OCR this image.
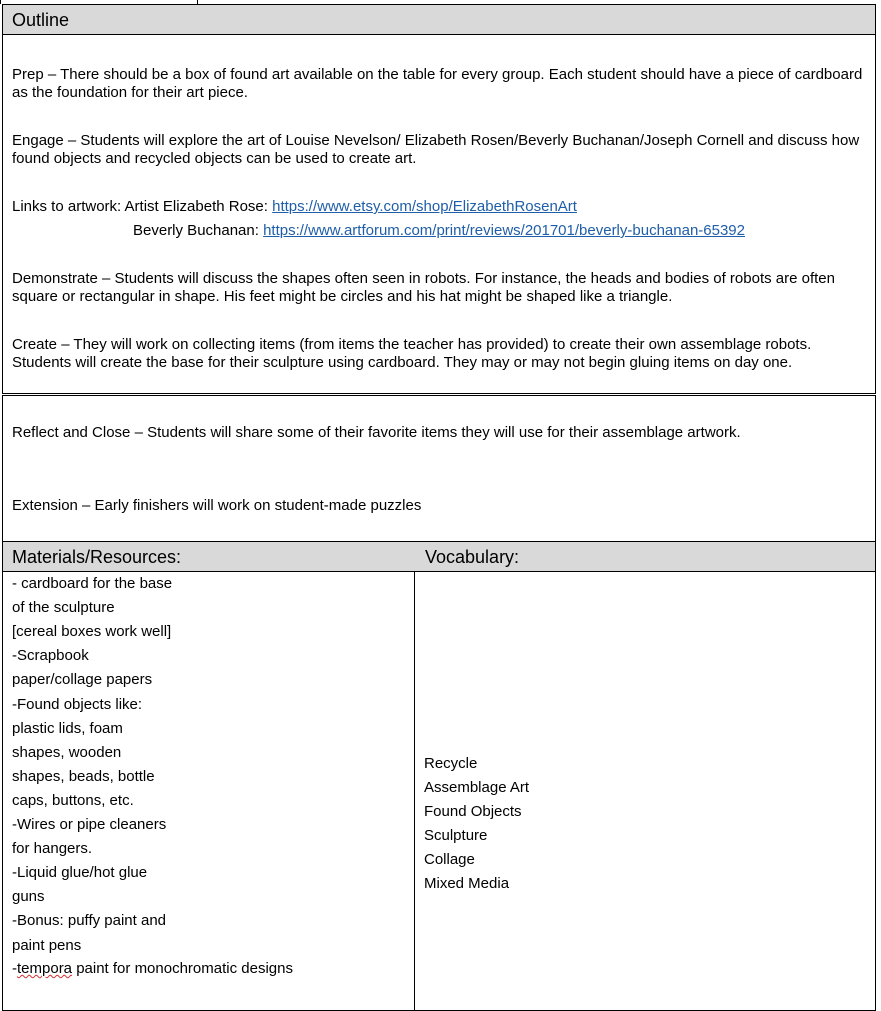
Outline

Prep – There should be a box of found art available on the table for every group. Each student should have a piece of cardboard as the foundation for their art piece.

Engage – Students will explore the art of Louise Nevelson/ Elizabeth Rosen/Beverly Buchanan/Joseph Cornell and discuss how found objects and recycled objects can be used to create art.

Links to artwork: Artist Elizabeth Rose: https://www.etsy.com/shop/ElizabethRosenArt
Beverly Buchanan: https://www.artforum.com/print/reviews/201701/beverly-buchanan-65392

Demonstrate – Students will discuss the shapes often seen in robots. For instance, the heads and bodies of robots are often square or rectangular in shape. His feet might be circles and his hat might be shaped like a triangle.

Create – They will work on collecting items (from items the teacher has provided) to create their own assemblage robots. Students will create the base for their sculpture using cardboard. They may or may not begin gluing items on day one.

Reflect and Close – Students will share some of their favorite items they will use for their assemblage artwork.

Extension – Early finishers will work on student-made puzzles

Materials/Resources:	Vocabulary:
- cardboard for the base
of the sculpture
[cereal boxes work well]
-Scrapbook
paper/collage papers
-Found objects like:
plastic lids, foam
shapes, wooden
shapes, beads, bottle
caps, buttons, etc.
-Wires or pipe cleaners
for hangers.
-Liquid glue/hot glue
guns
-Bonus: puffy paint and
paint pens
-tempora paint for monochromatic designs
Recycle
Assemblage Art
Found Objects
Sculpture
Collage
Mixed Media
